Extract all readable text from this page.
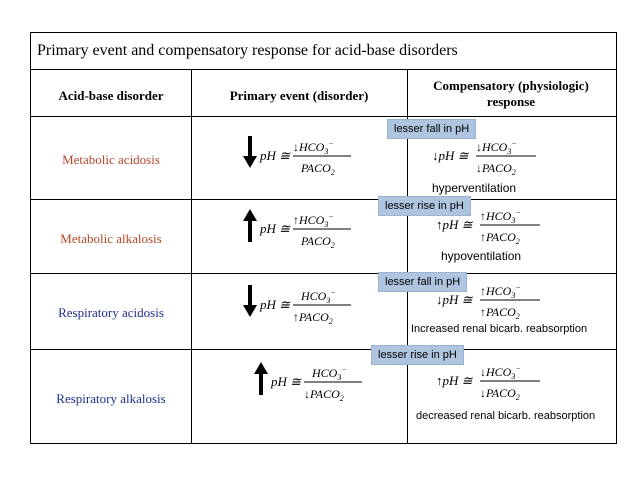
Primary event and compensatory response for acid-base disorders
Acid-base disorder	Primary event (disorder)
Compensatory (physiologic) response
Metabolic acidosis
Metabolic alkalosis
Respiratory acidosis
Respiratory alkalosis
pH ≅
$↓HCO_3^-$
$PACO_2$
pH ≅
$↑HCO_3^-$
$PACO_2$
pH ≅
$HCO_3^-$
$↑PACO_2$
pH ≅
$HCO_3^-$
$↓PACO_2$
↓pH ≅
$↓HCO_3^-$
$↓PACO_2$
↑pH ≅
$↑HCO_3^-$
$↑PACO_2$
↓pH ≅
$↑HCO_3^-$
$↑PACO_2$
↑pH ≅
$↓HCO_3^-$
$↓PACO_2$
lesser fall in pH
lesser rise in pH
lesser fall in pH
lesser rise in pH
hyperventilation
hypoventilation
Increased renal bicarb. reabsorption
decreased renal bicarb. reabsorption
